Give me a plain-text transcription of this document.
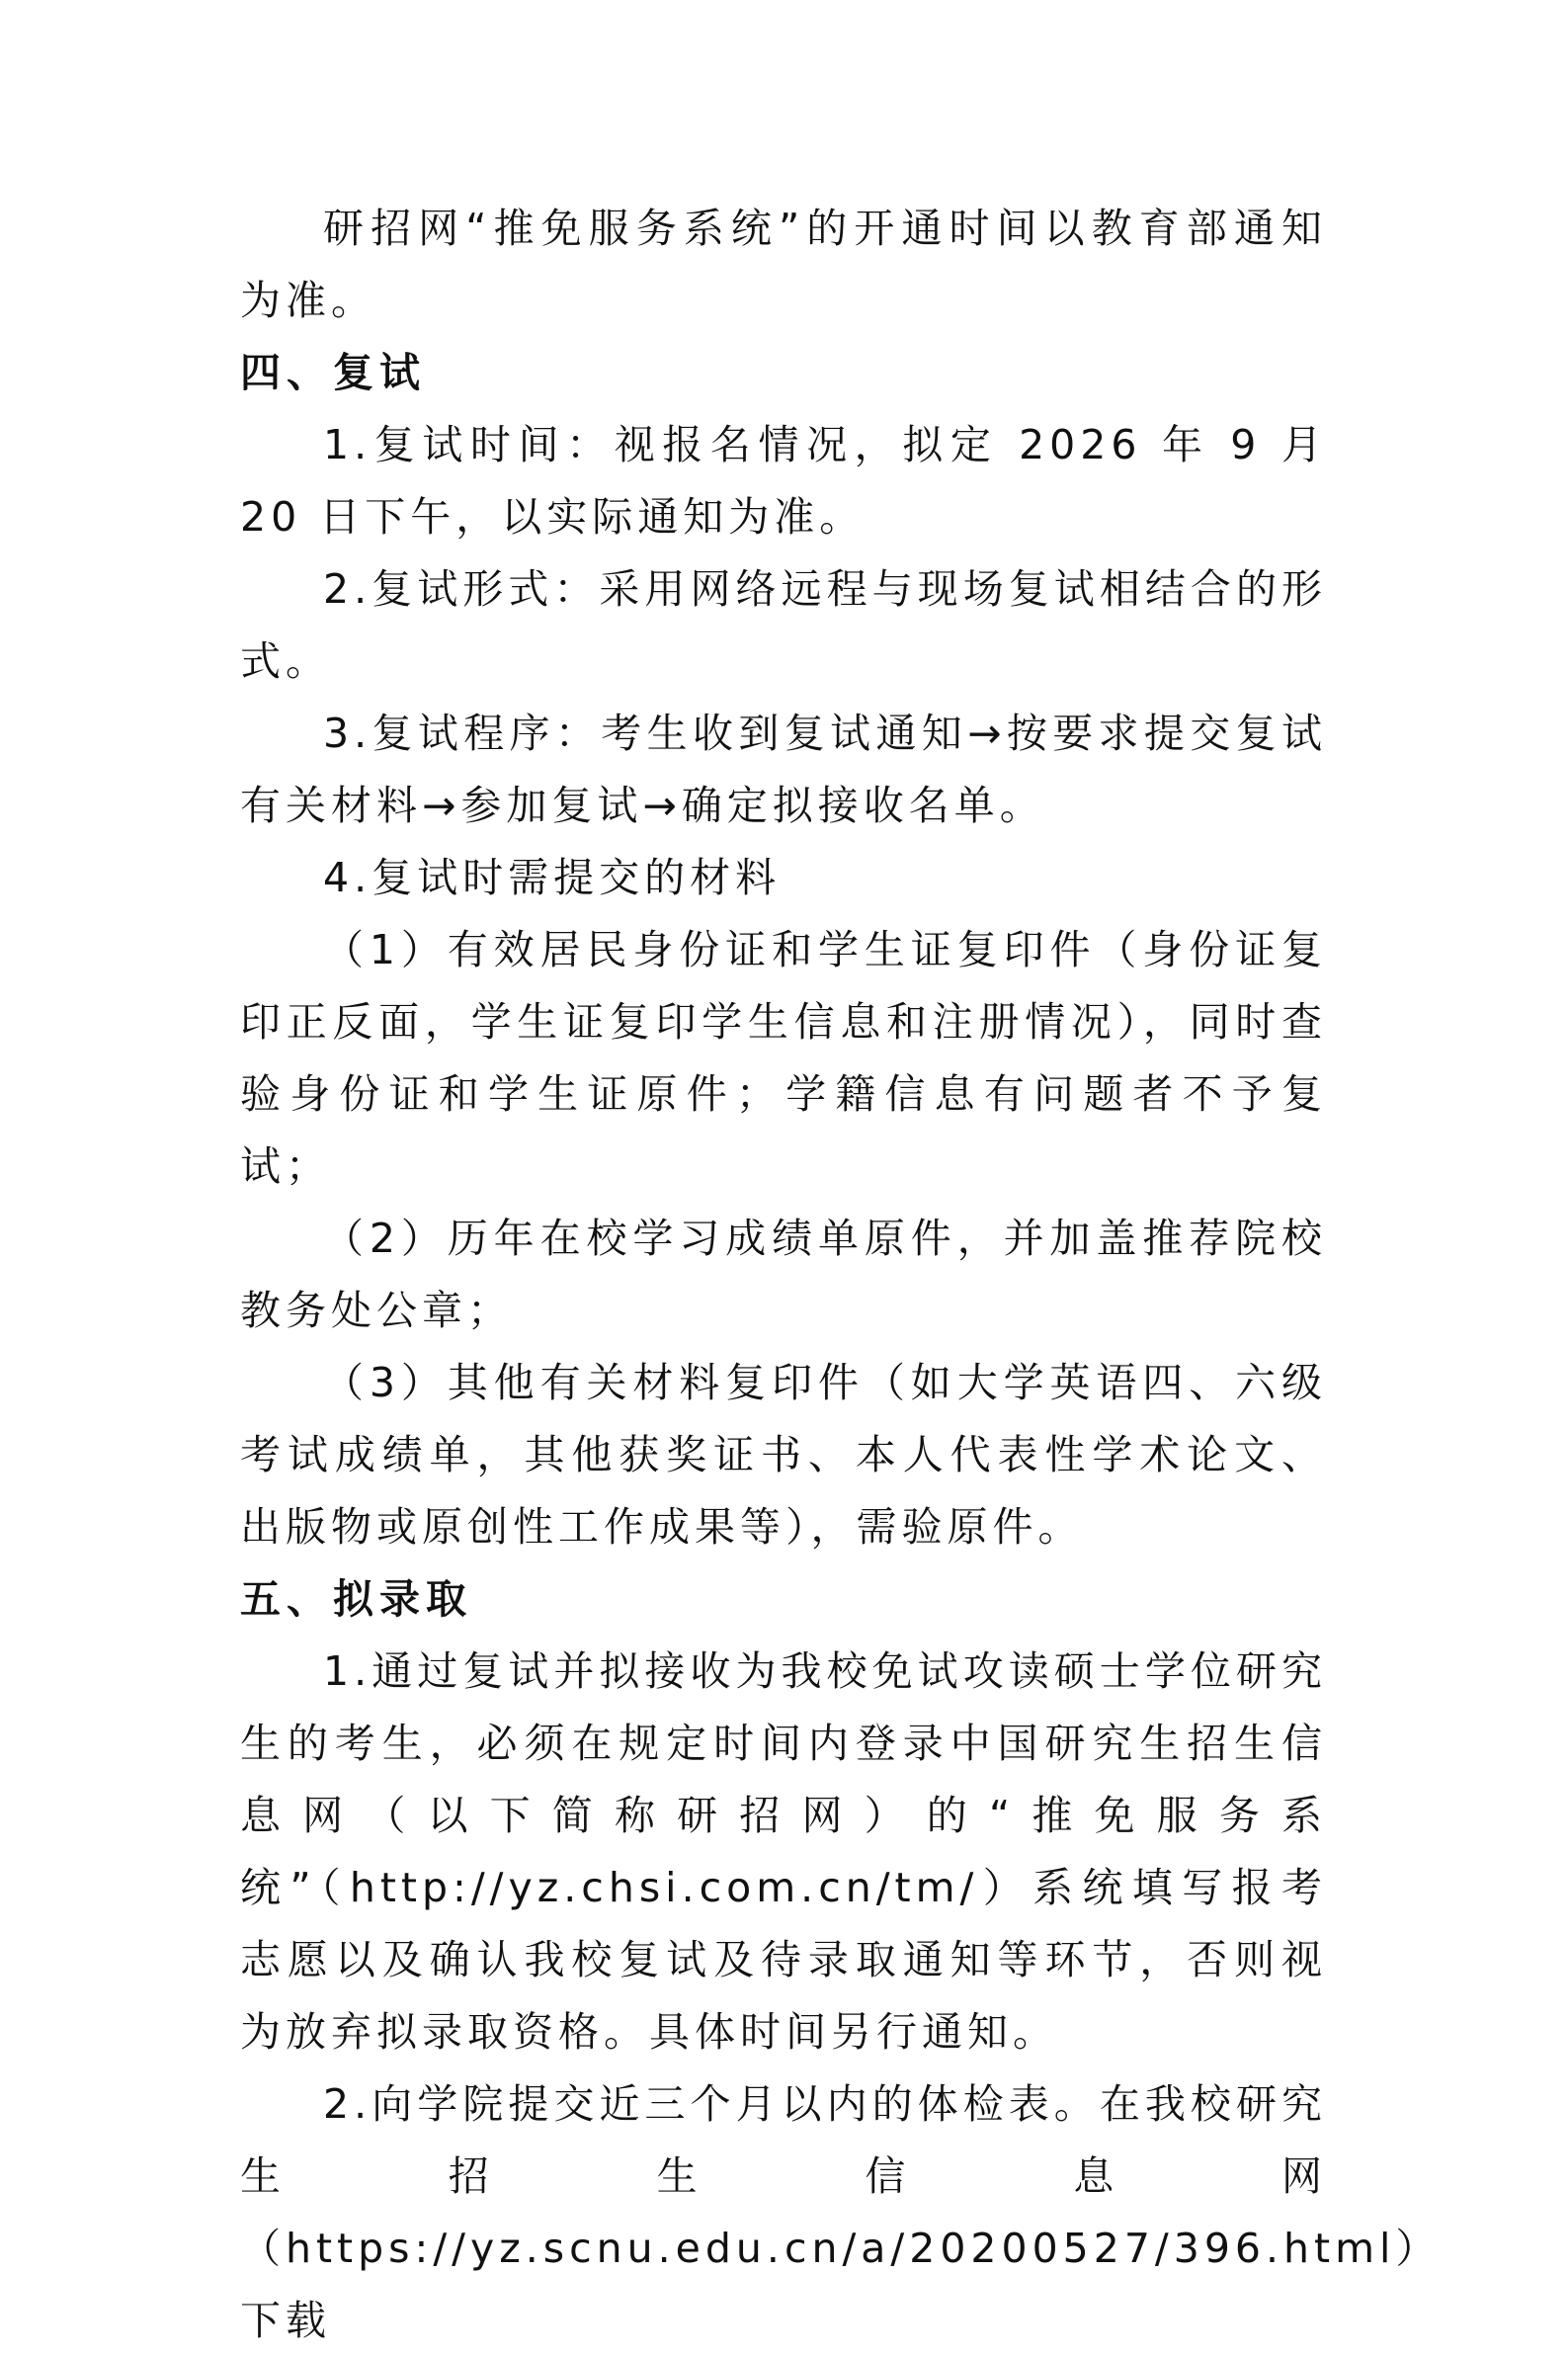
研招网“推免服务系统”的开通时间以教育部通知为准。

四、复试

1.复试时间：视报名情况，拟定 2026 年 9 月 20 日下午，以实际通知为准。

2.复试形式：采用网络远程与现场复试相结合的形式。

3.复试程序：考生收到复试通知→按要求提交复试有关材料→参加复试→确定拟接收名单。

4.复试时需提交的材料

（1）有效居民身份证和学生证复印件（身份证复印正反面，学生证复印学生信息和注册情况），同时查验身份证和学生证原件；学籍信息有问题者不予复试；

（2）历年在校学习成绩单原件，并加盖推荐院校教务处公章；

（3）其他有关材料复印件（如大学英语四、六级考试成绩单，其他获奖证书、本人代表性学术论文、出版物或原创性工作成果等），需验原件。

五、拟录取

1.通过复试并拟接收为我校免试攻读硕士学位研究生的考生，必须在规定时间内登录中国研究生招生信息网（以下简称研招网）的“推免服务系统”（http://yz.chsi.com.cn/tm/）系统填写报考志愿以及确认我校复试及待录取通知等环节，否则视为放弃拟录取资格。具体时间另行通知。

2.向学院提交近三个月以内的体检表。在我校研究生招生信息网（https://yz.scnu.edu.cn/a/20200527/396.html）下载
